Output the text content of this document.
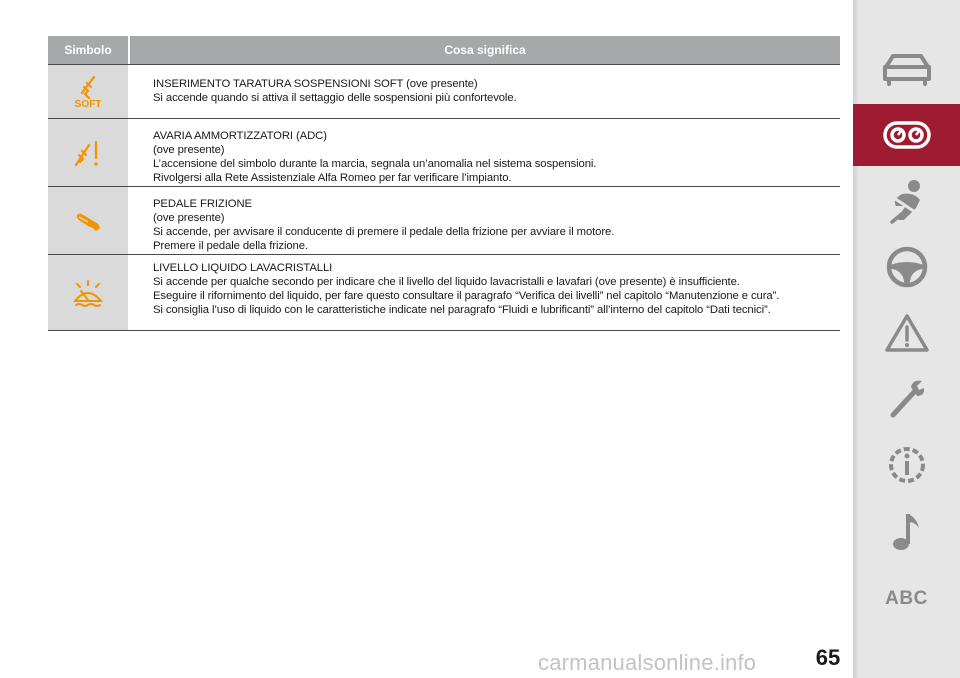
Simbolo	Cosa significa
SOFT
INSERIMENTO TARATURA SOSPENSIONI SOFT (ove presente)
Si accende quando si attiva il settaggio delle sospensioni più confortevole.
AVARIA AMMORTIZZATORI (ADC)
(ove presente)
L’accensione del simbolo durante la marcia, segnala un’anomalia nel sistema sospensioni.
Rivolgersi alla Rete Assistenziale Alfa Romeo per far verificare l’impianto.
PEDALE FRIZIONE
(ove presente)
Si accende, per avvisare il conducente di premere il pedale della frizione per avviare il motore.
Premere il pedale della frizione.
LIVELLO LIQUIDO LAVACRISTALLI
Si accende per qualche secondo per indicare che il livello del liquido lavacristalli e lavafari (ove presente) è insufficiente.
Eseguire il rifornimento del liquido, per fare questo consultare il paragrafo “Verifica dei livelli” nel capitolo “Manutenzione e cura”.
Si consiglia l’uso di liquido con le caratteristiche indicate nel paragrafo “Fluidi e lubrificanti” all’interno del capitolo “Dati tecnici”.
carmanualsonline.info	65
ABC
